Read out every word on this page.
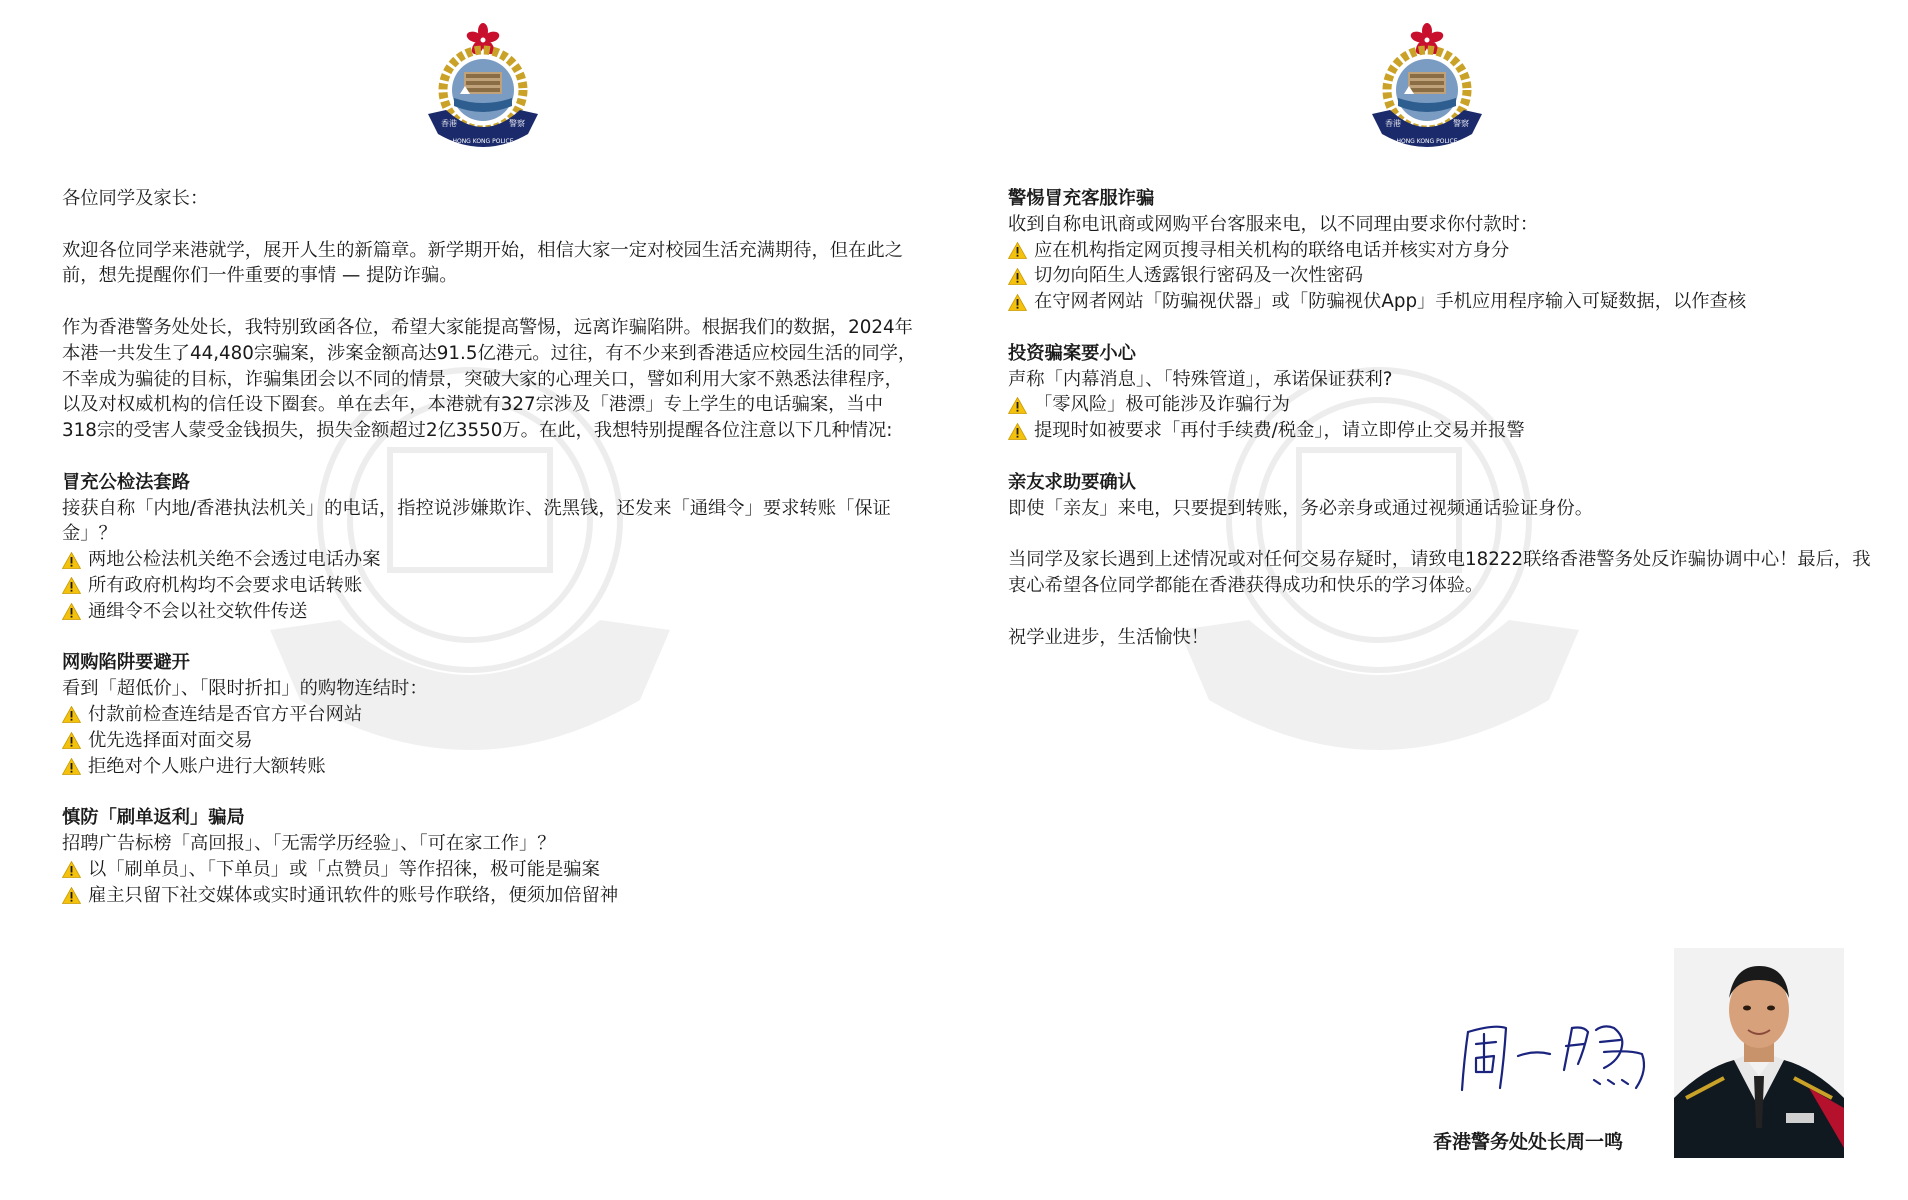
香港	警察
HONG KONG POLICE

各位同学及家长：

欢迎各位同学来港就学，展开人生的新篇章。新学期开始，相信大家一定对校园生活充满期待，但在此之前，想先提醒你们一件重要的事情 — 提防诈骗。

作为香港警务处处长，我特别致函各位，希望大家能提高警惕，远离诈骗陷阱。根据我们的数据，2024年本港一共发生了44,480宗骗案，涉案金额高达91.5亿港元。过往，有不少来到香港适应校园生活的同学，不幸成为骗徒的目标，诈骗集团会以不同的情景，突破大家的心理关口，譬如利用大家不熟悉法律程序，以及对权威机构的信任设下圈套。单在去年，本港就有327宗涉及「港漂」专上学生的电话骗案，当中318宗的受害人蒙受金钱损失，损失金额超过2亿3550万。在此，我想特别提醒各位注意以下几种情况:

冒充公检法套路

接获自称「内地/香港执法机关」的电话，指控说涉嫌欺诈、洗黑钱，还发来「通缉令」要求转账「保证金」？

两地公检法机关绝不会透过电话办案
所有政府机构均不会要求电话转账
通缉令不会以社交软件传送

网购陷阱要避开

看到「超低价」、「限时折扣」的购物连结时：

付款前检查连结是否官方平台网站
优先选择面对面交易
拒绝对个人账户进行大额转账

慎防「刷单返利」骗局

招聘广告标榜「高回报」、「无需学历经验」、「可在家工作」？

以「刷单员」、「下单员」或「点赞员」等作招徕，极可能是骗案
雇主只留下社交媒体或实时通讯软件的账号作联络，便须加倍留神
香港	警察
HONG KONG POLICE

警惕冒充客服诈骗

收到自称电讯商或网购平台客服来电，以不同理由要求你付款时：

应在机构指定网页搜寻相关机构的联络电话并核实对方身分
切勿向陌生人透露银行密码及一次性密码
在守网者网站「防骗视伏器」或「防骗视伏App」手机应用程序输入可疑数据，以作查核

投资骗案要小心

声称「内幕消息」、「特殊管道」，承诺保证获利?

「零风险」极可能涉及诈骗行为
提现时如被要求「再付手续费/税金」，请立即停止交易并报警

亲友求助要确认

即使「亲友」来电，只要提到转账，务必亲身或通过视频通话验证身份。

当同学及家长遇到上述情况或对任何交易存疑时，请致电18222联络香港警务处反诈骗协调中心！最后，我衷心希望各位同学都能在香港获得成功和快乐的学习体验。

祝学业进步，生活愉快！

香港警务处处长周一鸣
